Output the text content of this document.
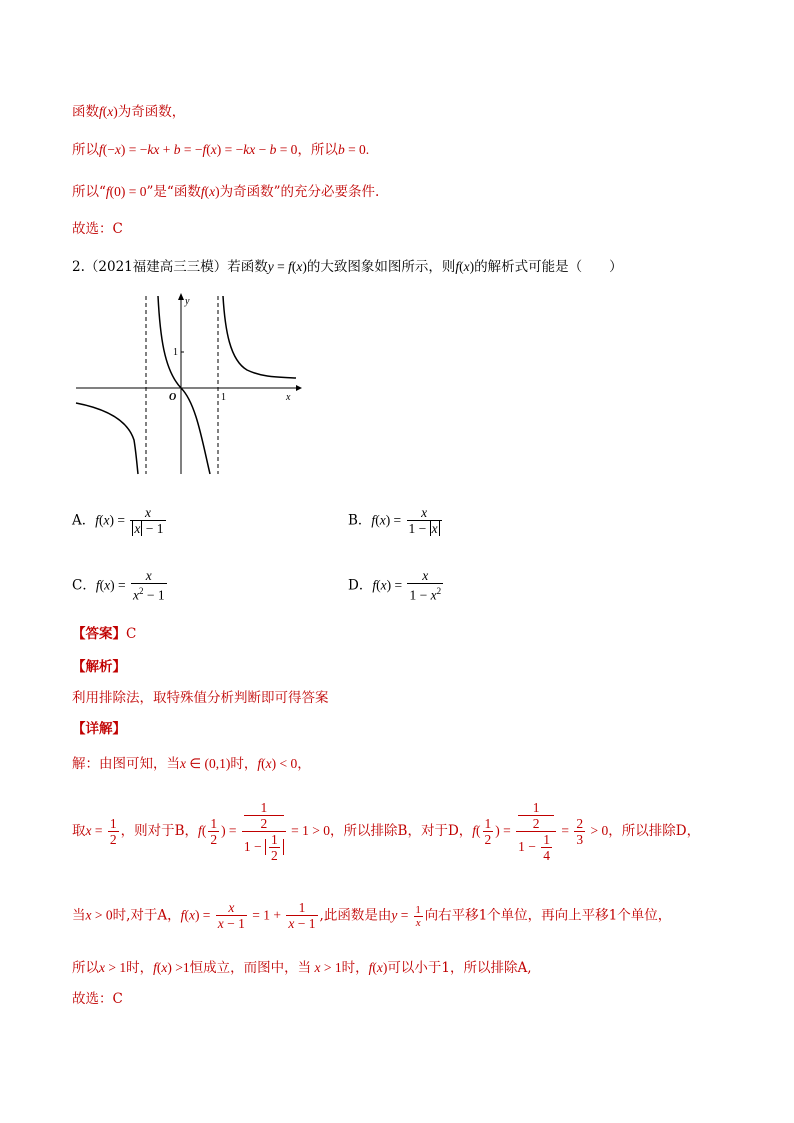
函数f(x)为奇函数，
所以f(−x) = −kx + b = −f(x) = −kx − b = 0，所以b = 0.
所以“f(0) = 0”是“函数f(x)为奇函数”的充分必要条件.
故选：C
2.（2021福建高三三模）若函数y = f(x)的大致图象如图所示，则f(x)的解析式可能是（　　）
y
x
O	1
1
A．$f(x) = \frac{x}{x - 1}$	B．$f(x) = \frac{x}{1 - x}$
C．$f(x) = \frac{x}{x^2 - 1}$	D．$f(x) = \frac{x}{1 - x^2}$
【答案】C
【解析】
利用排除法，取特殊值分析判断即可得答案
【详解】
解：由图可知，当x ∈ (0,1)时，f(x) < 0，
取$x = \frac{1}{2}$ ，则对于B，$f( \frac{1}{2}$ ) = 1
2
$1 - \frac{1}{2} = 1 > 0$，所以排除B，对于D，$f( \frac{1}{2}$ ) = 1
2
$1 - \frac{1}{4} = \frac{2}{3} > 0$，所以排除D，
当x > 0时,对于A，$f(x) = \frac{x}{x - 1} = 1 + \frac{1}{x - 1}$ ,此函数是由$y = \frac{1}{x}$ 向右平移1个单位，再向上平移1个单位，
所以x > 1时，f(x) >1恒成立，而图中，当 x > 1时，f(x)可以小于1，所以排除A,
故选：C
